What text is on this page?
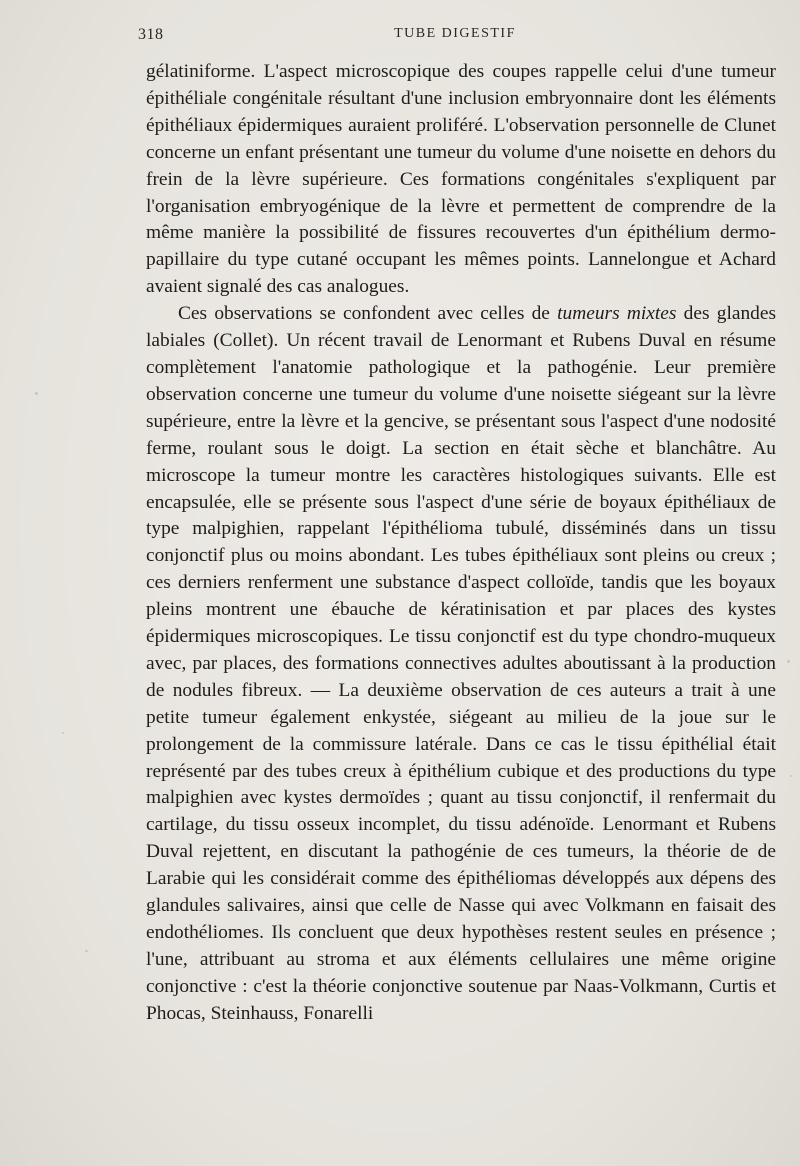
318	TUBE DIGESTIF

gélatiniforme. L'aspect microscopique des coupes rappelle celui d'une tumeur épithéliale congénitale résultant d'une inclusion embryonnaire dont les éléments épithéliaux épidermiques auraient proliféré. L'observation personnelle de Clunet concerne un enfant présentant une tumeur du volume d'une noisette en dehors du frein de la lèvre supérieure. Ces formations congénitales s'expliquent par l'organisation embryogénique de la lèvre et permettent de comprendre de la même manière la possibilité de fissures recouvertes d'un épithélium dermo-papillaire du type cutané occupant les mêmes points. Lannelongue et Achard avaient signalé des cas analogues.

Ces observations se confondent avec celles de tumeurs mixtes des glandes labiales (Collet). Un récent travail de Lenormant et Rubens Duval en résume complètement l'anatomie pathologique et la pathogénie. Leur première observation concerne une tumeur du volume d'une noisette siégeant sur la lèvre supérieure, entre la lèvre et la gencive, se présentant sous l'aspect d'une nodosité ferme, roulant sous le doigt. La section en était sèche et blanchâtre. Au microscope la tumeur montre les caractères histologiques suivants. Elle est encapsulée, elle se présente sous l'aspect d'une série de boyaux épithéliaux de type malpighien, rappelant l'épithélioma tubulé, disséminés dans un tissu conjonctif plus ou moins abondant. Les tubes épithéliaux sont pleins ou creux ; ces derniers renferment une substance d'aspect colloïde, tandis que les boyaux pleins montrent une ébauche de kératinisation et par places des kystes épidermiques microscopiques. Le tissu conjonctif est du type chondro-muqueux avec, par places, des formations connectives adultes aboutissant à la production de nodules fibreux. — La deuxième observation de ces auteurs a trait à une petite tumeur également enkystée, siégeant au milieu de la joue sur le prolongement de la commissure latérale. Dans ce cas le tissu épithélial était représenté par des tubes creux à épithélium cubique et des productions du type malpighien avec kystes dermoïdes ; quant au tissu conjonctif, il renfermait du cartilage, du tissu osseux incomplet, du tissu adénoïde. Lenormant et Rubens Duval rejettent, en discutant la pathogénie de ces tumeurs, la théorie de de Larabie qui les considérait comme des épithéliomas développés aux dépens des glandules salivaires, ainsi que celle de Nasse qui avec Volkmann en faisait des endothéliomes. Ils concluent que deux hypothèses restent seules en présence ; l'une, attribuant au stroma et aux éléments cellulaires une même origine conjonctive : c'est la théorie conjonctive soutenue par Naas-Volkmann, Curtis et Phocas, Steinhauss, Fonarelli
